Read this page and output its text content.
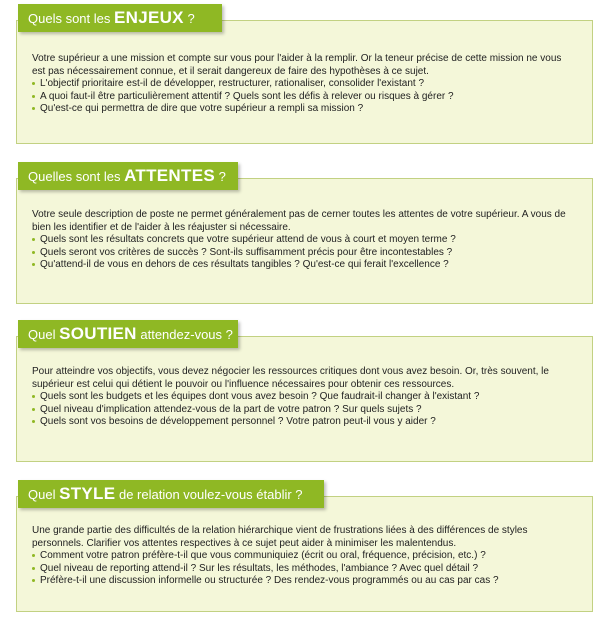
Quels sont les ENJEUX ?

Votre supérieur a une mission et compte sur vous pour l'aider à la remplir. Or la teneur précise de cette mission ne vous est pas nécessairement connue, et il serait dangereux de faire des hypothèses à ce sujet.

L'objectif prioritaire est-il de développer, restructurer, rationaliser, consolider l'existant ?
A quoi faut-il être particulièrement attentif ? Quels sont les défis à relever ou risques à gérer ?
Qu'est-ce qui permettra de dire que votre supérieur a rempli sa mission ?
Quelles sont les ATTENTES ?

Votre seule description de poste ne permet généralement pas de cerner toutes les attentes de votre supérieur. A vous de bien les identifier et de l'aider à les réajuster si nécessaire.

Quels sont les résultats concrets que votre supérieur attend de vous à court et moyen terme ?
Quels seront vos critères de succès ? Sont-ils suffisamment précis pour être incontestables ?
Qu'attend-il de vous en dehors de ces résultats tangibles ? Qu'est-ce qui ferait l'excellence ?
Quel SOUTIEN attendez-vous ?

Pour atteindre vos objectifs, vous devez négocier les ressources critiques dont vous avez besoin. Or, très souvent, le supérieur est celui qui détient le pouvoir ou l'influence nécessaires pour obtenir ces ressources.

Quels sont les budgets et les équipes dont vous avez besoin ? Que faudrait-il changer à l'existant ?
Quel niveau d'implication attendez-vous de la part de votre patron ? Sur quels sujets ?
Quels sont vos besoins de développement personnel ? Votre patron peut-il vous y aider ?
Quel STYLE de relation voulez-vous établir ?

Une grande partie des difficultés de la relation hiérarchique vient de frustrations liées à des différences de styles personnels. Clarifier vos attentes respectives à ce sujet peut aider à minimiser les malentendus.

Comment votre patron préfère-t-il que vous communiquiez (écrit ou oral, fréquence, précision, etc.) ?
Quel niveau de reporting attend-il ? Sur les résultats, les méthodes, l'ambiance ? Avec quel détail ?
Préfère-t-il une discussion informelle ou structurée ? Des rendez-vous programmés ou au cas par cas ?
